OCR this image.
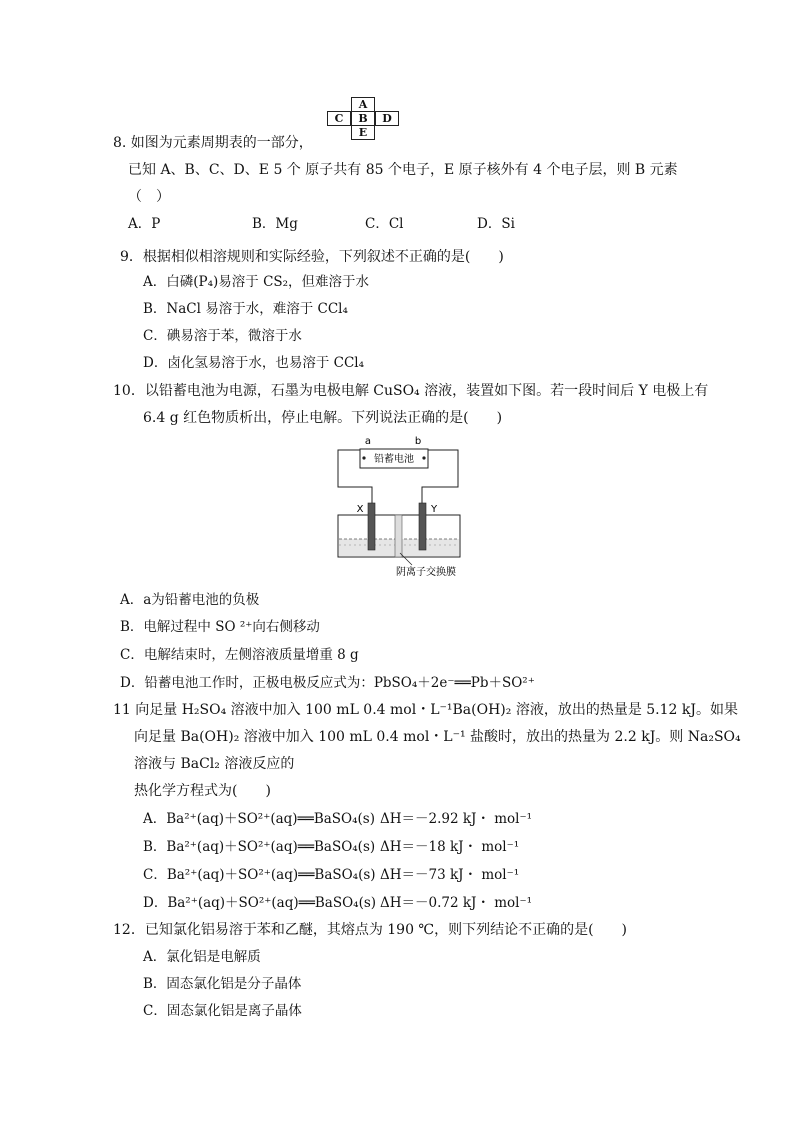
A
C	B	D
E
8. 如图为元素周期表的一部分，
已知 A、B、C、D、E 5 个 原子共有 85 个电子，E 原子核外有 4 个电子层，则 B 元素
（　）
A．P	B．Mg	C．Cl	D．Si
9．根据相似相溶规则和实际经验，下列叙述不正确的是(　　)
A．白磷(P₄)易溶于 CS₂，但难溶于水
B．NaCl 易溶于水，难溶于 CCl₄
C．碘易溶于苯，微溶于水
D．卤化氢易溶于水，也易溶于 CCl₄
10．以铅蓄电池为电源，石墨为电极电解 CuSO₄ 溶液，装置如下图。若一段时间后 Y 电极上有
6.4 g 红色物质析出，停止电解。下列说法正确的是(　　)
铅蓄电池
a	b
X	Y
阴离子交换膜
A．a为铅蓄电池的负极
B．电解过程中 SO ²⁺向右侧移动
C．电解结束时，左侧溶液质量增重 8 g
D．铅蓄电池工作时，正极电极反应式为：PbSO₄＋2e⁻══Pb＋SO²⁺
11 向足量 H₂SO₄ 溶液中加入 100 mL 0.4 mol・L⁻¹Ba(OH)₂ 溶液，放出的热量是 5.12 kJ。如果
向足量 Ba(OH)₂ 溶液中加入 100 mL 0.4 mol・L⁻¹ 盐酸时，放出的热量为 2.2 kJ。则 Na₂SO₄
溶液与 BaCl₂ 溶液反应的
热化学方程式为(　　)
A．Ba²⁺(aq)＋SO²⁺(aq)══BaSO₄(s) ΔH＝－2.92 kJ・ mol⁻¹
B．Ba²⁺(aq)＋SO²⁺(aq)══BaSO₄(s) ΔH＝－18 kJ・ mol⁻¹
C．Ba²⁺(aq)＋SO²⁺(aq)══BaSO₄(s) ΔH＝－73 kJ・ mol⁻¹
D．Ba²⁺(aq)＋SO²⁺(aq)══BaSO₄(s) ΔH＝－0.72 kJ・ mol⁻¹
12．已知氯化铝易溶于苯和乙醚，其熔点为 190 ℃，则下列结论不正确的是(　　)
A．氯化铝是电解质
B．固态氯化铝是分子晶体
C．固态氯化铝是离子晶体
